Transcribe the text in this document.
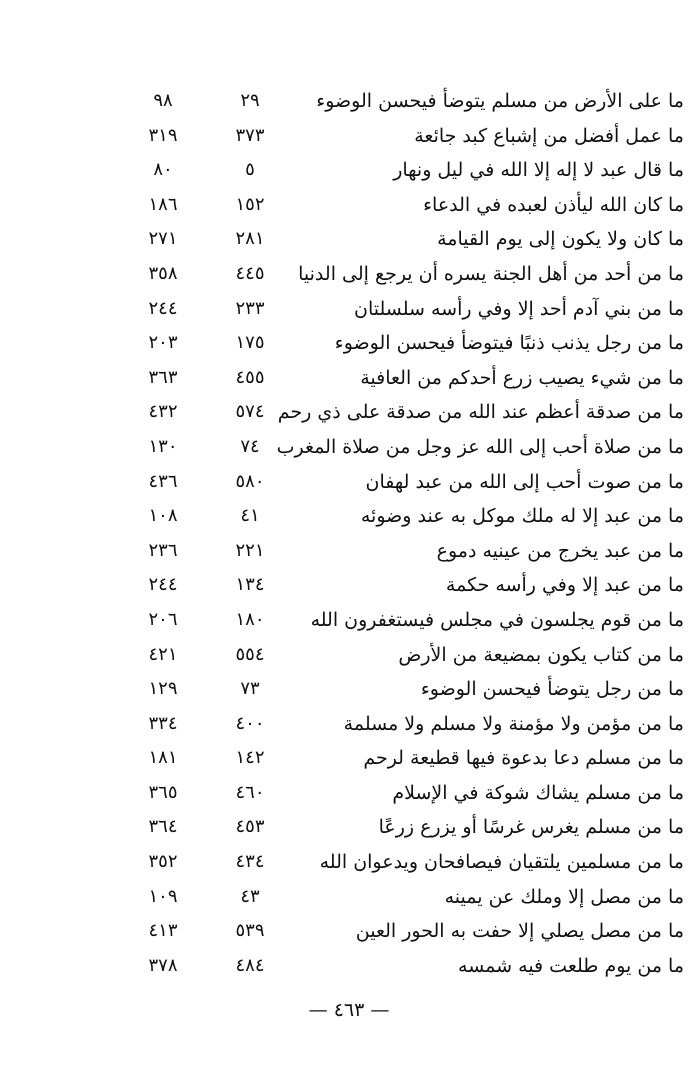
ما على الأرض من مسلم يتوضأ فيحسن الوضوء
٢٩
٩٨
ما عمل أفضل من إشباع كبد جائعة
٣٧٣
٣١٩
ما قال عبد لا إله إلا الله في ليل ونهار
٥
٨٠
ما كان الله ليأذن لعبده في الدعاء
١٥٢
١٨٦
ما كان ولا يكون إلى يوم القيامة
٢٨١
٢٧١
ما من أحد من أهل الجنة يسره أن يرجع إلى الدنيا
٤٤٥
٣٥٨
ما من بني آدم أحد إلا وفي رأسه سلسلتان
٢٣٣
٢٤٤
ما من رجل يذنب ذنبًا فيتوضأ فيحسن الوضوء
١٧٥
٢٠٣
ما من شيء يصيب زرع أحدكم من العافية
٤٥٥
٣٦٣
ما من صدقة أعظم عند الله من صدقة على ذي رحم
٥٧٤
٤٣٢
ما من صلاة أحب إلى الله عز وجل من صلاة المغرب
٧٤
١٣٠
ما من صوت أحب إلى الله من عبد لهفان
٥٨٠
٤٣٦
ما من عبد إلا له ملك موكل به عند وضوئه
٤١
١٠٨
ما من عبد يخرج من عينيه دموع
٢٢١
٢٣٦
ما من عبد إلا وفي رأسه حكمة
١٣٤
٢٤٤
ما من قوم يجلسون في مجلس فيستغفرون الله
١٨٠
٢٠٦
ما من كتاب يكون بمضيعة من الأرض
٥٥٤
٤٢١
ما من رجل يتوضأ فيحسن الوضوء
٧٣
١٢٩
ما من مؤمن ولا مؤمنة ولا مسلم ولا مسلمة
٤٠٠
٣٣٤
ما من مسلم دعا بدعوة فيها قطيعة لرحم
١٤٢
١٨١
ما من مسلم يشاك شوكة في الإسلام
٤٦٠
٣٦٥
ما من مسلم يغرس غرسًا أو يزرع زرعًا
٤٥٣
٣٦٤
ما من مسلمين يلتقيان فيصافحان ويدعوان الله
٤٣٤
٣٥٢
ما من مصل إلا وملك عن يمينه
٤٣
١٠٩
ما من مصل يصلي إلا حفت به الحور العين
٥٣٩
٤١٣
ما من يوم طلعت فيه شمسه
٤٨٤
٣٧٨
— ٤٦٣ —
